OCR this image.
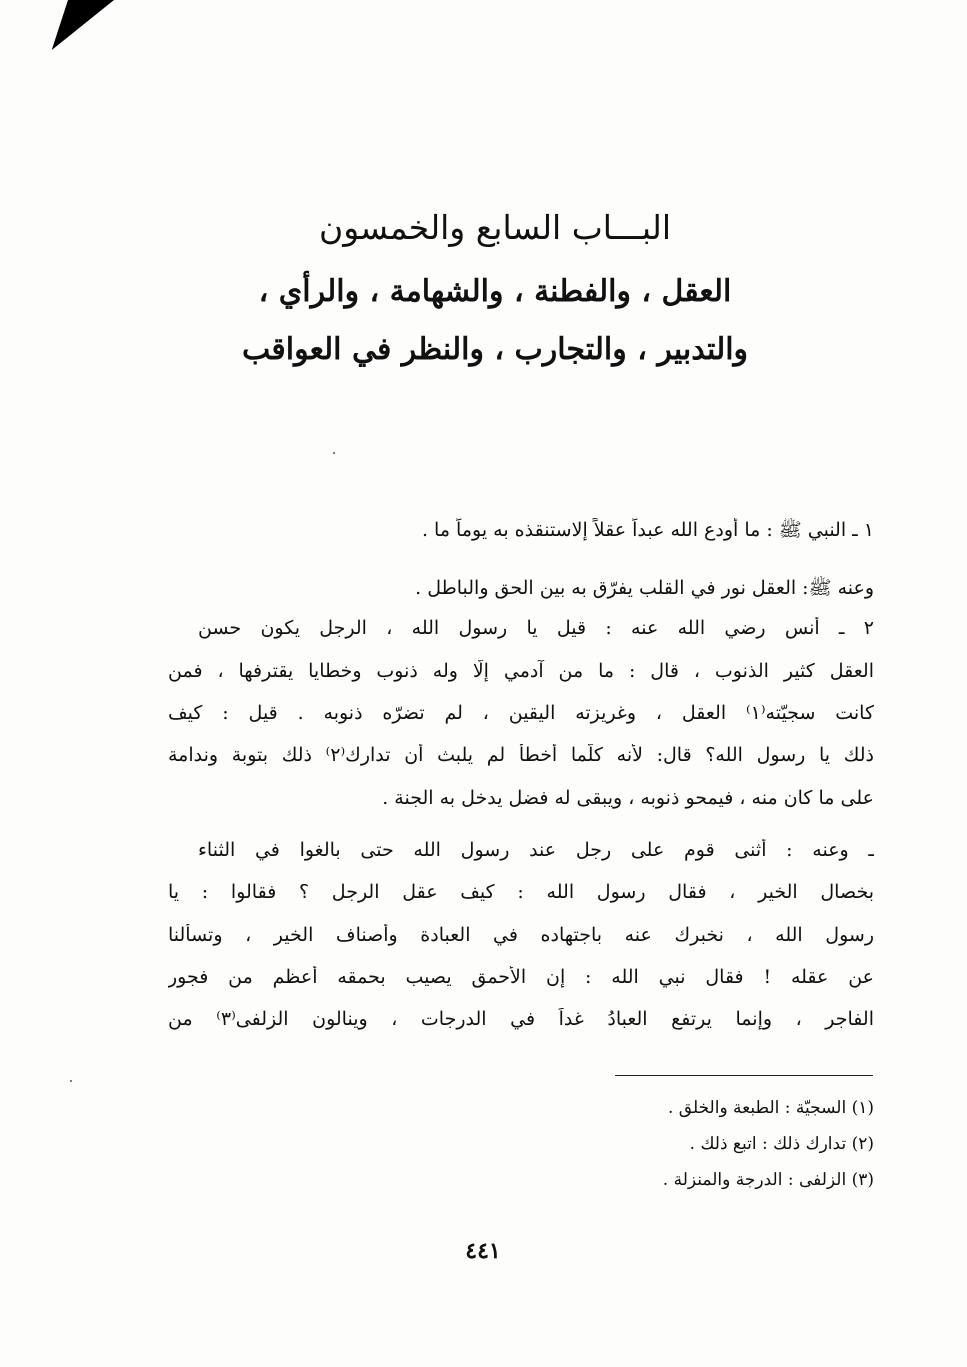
البـــاب السابع والخمسون
العقل ، والفطنة ، والشهامة ، والرأي ،
والتدبير ، والتجارب ، والنظر في العواقب
١ ـ النبي ﷺ : ما أودع الله عبداً عقلاً إلاستنقذه به يوماً ما .
وعنه ﷺ: العقل نور في القلب يفرّق به بين الحق والباطل .
٢ ـ أنس رضي الله عنه : قيل يا رسول الله ، الرجل يكون حسن
العقل كثير الذنوب ، قال : ما من آدمي إلّا وله ذنوب وخطايا يقترفها ، فمن
كانت سجيّته⁽١⁾ العقل ، وغريزته اليقين ، لم تضرّه ذنوبه . قيل : كيف
ذلك يا رسول الله؟ قال: لأنه كلّما أخطأ لم يلبث أن تدارك⁽٢⁾ ذلك بتوبة وندامة
على ما كان منه ، فيمحو ذنوبه ، ويبقى له فضل يدخل به الجنة .
ـ وعنه : أثنى قوم على رجل عند رسول الله حتى بالغوا في الثناء
بخصال الخير ، فقال رسول الله : كيف عقل الرجل ؟ فقالوا : يا
رسول الله ، نخبرك عنه باجتهاده في العبادة وأصناف الخير ، وتسألنا
عن عقله ! فقال نبي الله : إن الأحمق يصيب بحمقه أعظم من فجور
الفاجر ، وإنما يرتفع العبادُ غداً في الدرجات ، وينالون الزلفى⁽٣⁾ من
(١) السجيّة : الطبعة والخلق .
(٢) تدارك ذلك : اتبع ذلك .
(٣) الزلفى : الدرجة والمنزلة .
٤٤١
